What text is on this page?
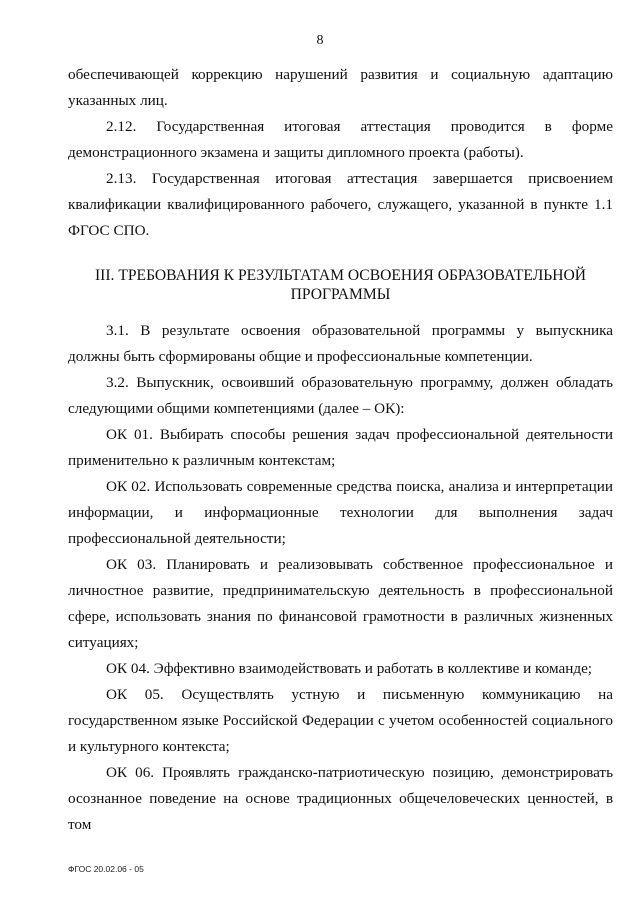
8

обеспечивающей коррекцию нарушений развития и социальную адаптацию указанных лиц.

2.12. Государственная итоговая аттестация проводится в форме демонстрационного экзамена и защиты дипломного проекта (работы).

2.13. Государственная итоговая аттестация завершается присвоением квалификации квалифицированного рабочего, служащего, указанной в пункте 1.1 ФГОС СПО.

III. ТРЕБОВАНИЯ К РЕЗУЛЬТАТАМ ОСВОЕНИЯ ОБРАЗОВАТЕЛЬНОЙ ПРОГРАММЫ

3.1. В результате освоения образовательной программы у выпускника должны быть сформированы общие и профессиональные компетенции.

3.2. Выпускник, освоивший образовательную программу, должен обладать следующими общими компетенциями (далее – ОК):

ОК 01. Выбирать способы решения задач профессиональной деятельности применительно к различным контекстам;

ОК 02. Использовать современные средства поиска, анализа и интерпретации информации, и информационные технологии для выполнения задач профессиональной деятельности;

ОК 03. Планировать и реализовывать собственное профессиональное и личностное развитие, предпринимательскую деятельность в профессиональной сфере, использовать знания по финансовой грамотности в различных жизненных ситуациях;

ОК 04. Эффективно взаимодействовать и работать в коллективе и команде;

ОК 05. Осуществлять устную и письменную коммуникацию на государственном языке Российской Федерации с учетом особенностей социального и культурного контекста;

ОК 06. Проявлять гражданско-патриотическую позицию, демонстрировать осознанное поведение на основе традиционных общечеловеческих ценностей, в том

ФГОС 20.02.06 - 05
